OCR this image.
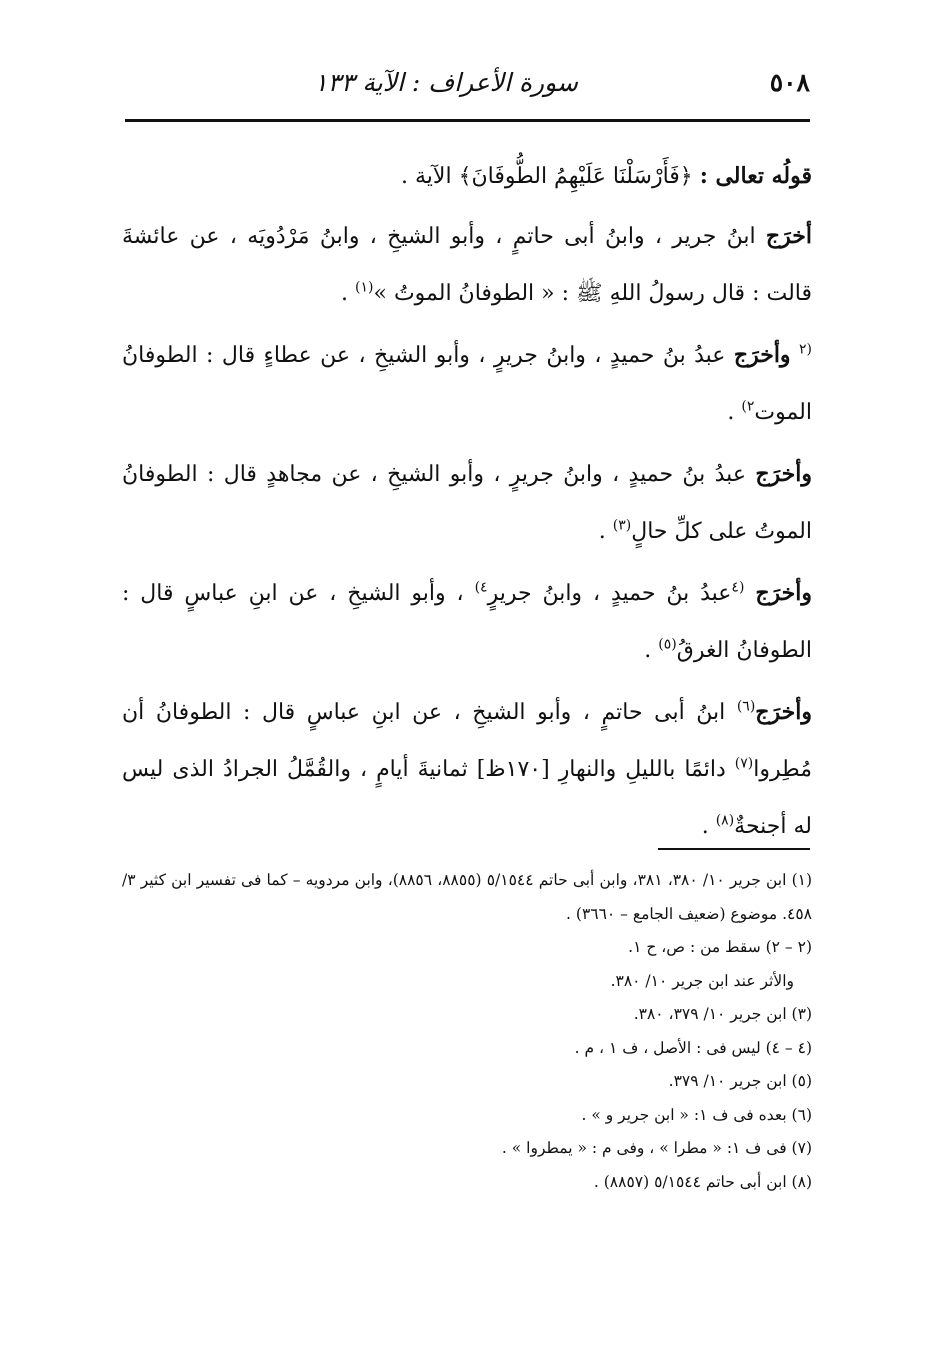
٥٠٨
سورة الأعراف : الآية ١٣٣

قولُه تعالى : ﴿فَأَرْسَلْنَا عَلَيْهِمُ الطُّوفَانَ﴾ الآية .

أخرَج ابنُ جرير ، وابنُ أبى حاتمٍ ، وأبو الشيخِ ، وابنُ مَرْدُويَه ، عن عائشةَ قالت : قال رسولُ اللهِ ﷺ : « الطوفانُ الموتُ »$^{(١)}$ .

$^{(٢}$ وأخرَج عبدُ بنُ حميدٍ ، وابنُ جريرٍ ، وأبو الشيخِ ، عن عطاءٍ قال : الطوفانُ الموت$^{٢)}$ .

وأخرَج عبدُ بنُ حميدٍ ، وابنُ جريرٍ ، وأبو الشيخِ ، عن مجاهدٍ قال : الطوفانُ الموتُ على كلِّ حالٍ$^{(٣)}$ .

وأخرَج $^{(٤}$عبدُ بنُ حميدٍ ، وابنُ جريرٍ$^{٤)}$ ، وأبو الشيخِ ، عن ابنِ عباسٍ قال : الطوفانُ الغرقُ$^{(٥)}$ .

وأخرَج$^{(٦)}$ ابنُ أبى حاتمٍ ، وأبو الشيخِ ، عن ابنِ عباسٍ قال : الطوفانُ أن مُطِروا$^{(٧)}$ دائمًا بالليلِ والنهارِ [١٧٠ظ] ثمانيةَ أيامٍ ، والقُمَّلُ الجرادُ الذى ليس له أجنحةٌ$^{(٨)}$ .

(١) ابن جرير ١٠/ ٣٨٠، ٣٨١، وابن أبى حاتم ٥/١٥٤٤ (٨٨٥٥، ٨٨٥٦)، وابن مردويه – كما فى تفسير ابن كثير ٣/ ٤٥٨. موضوع (ضعيف الجامع – ٣٦٦٠) .

(٢ – ٢) سقط من : ص، ح ١.

والأثر عند ابن جرير ١٠/ ٣٨٠.

(٣) ابن جرير ١٠/ ٣٧٩، ٣٨٠.

(٤ – ٤) ليس فى : الأصل ، ف ١ ، م .

(٥) ابن جرير ١٠/ ٣٧٩.

(٦) بعده فى ف ١: « ابن جرير و » .

(٧) فى ف ١: « مطرا » ، وفى م : « يمطروا » .

(٨) ابن أبى حاتم ٥/١٥٤٤ (٨٨٥٧) .
